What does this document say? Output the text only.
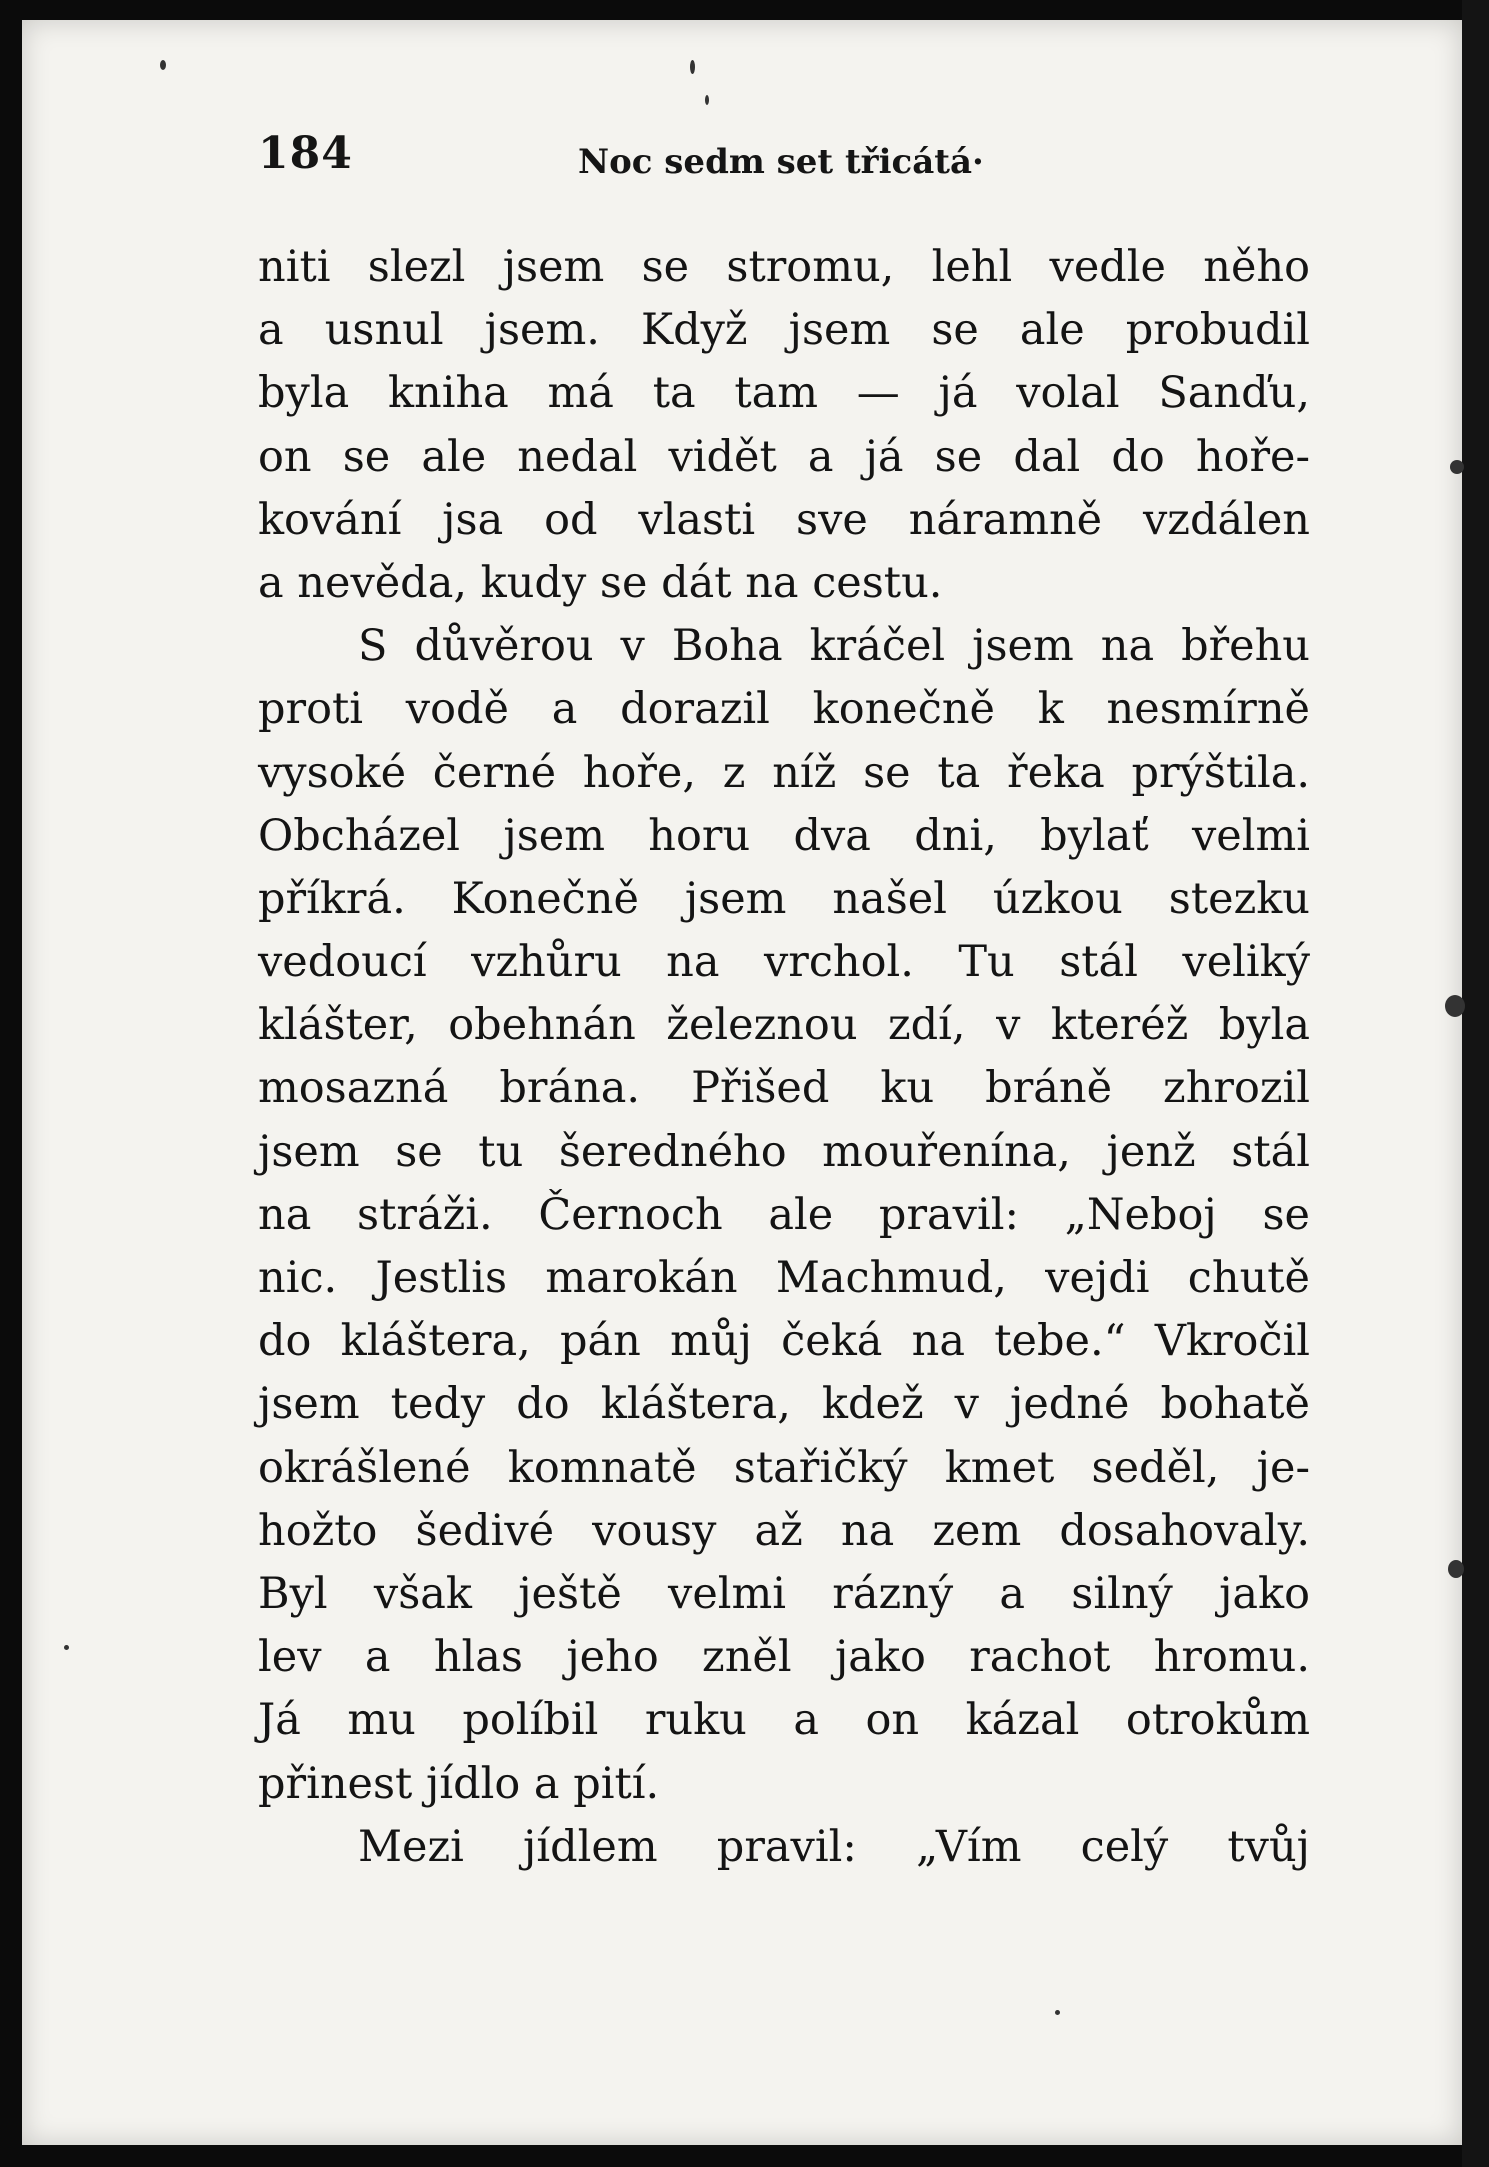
184	Noc sedm set třicátá·
niti slezl jsem se stromu, lehl vedle něho
a usnul jsem. Když jsem se ale probudil
byla kniha má ta tam — já volal Sanďu,
on se ale nedal vidět a já se dal do hoře-
kování jsa od vlasti sve náramně vzdálen
a nevěda, kudy se dát na cestu.
S důvěrou v Boha kráčel jsem na břehu
proti vodě a dorazil konečně k nesmírně
vysoké černé hoře, z níž se ta řeka prýštila.
Obcházel jsem horu dva dni, bylať velmi
příkrá. Konečně jsem našel úzkou stezku
vedoucí vzhůru na vrchol. Tu stál veliký
klášter, obehnán železnou zdí, v kteréž byla
mosazná brána. Přišed ku bráně zhrozil
jsem se tu šeredného mouřenína, jenž stál
na stráži. Černoch ale pravil: „Neboj se
nic. Jestlis marokán Machmud, vejdi chutě
do kláštera, pán můj čeká na tebe.“ Vkročil
jsem tedy do kláštera, kdež v jedné bohatě
okrášlené komnatě stařičký kmet seděl, je-
hožto šedivé vousy až na zem dosahovaly.
Byl však ještě velmi rázný a silný jako
lev a hlas jeho zněl jako rachot hromu.
Já mu políbil ruku a on kázal otrokům
přinest jídlo a pití.
Mezi jídlem pravil: „Vím celý tvůj
